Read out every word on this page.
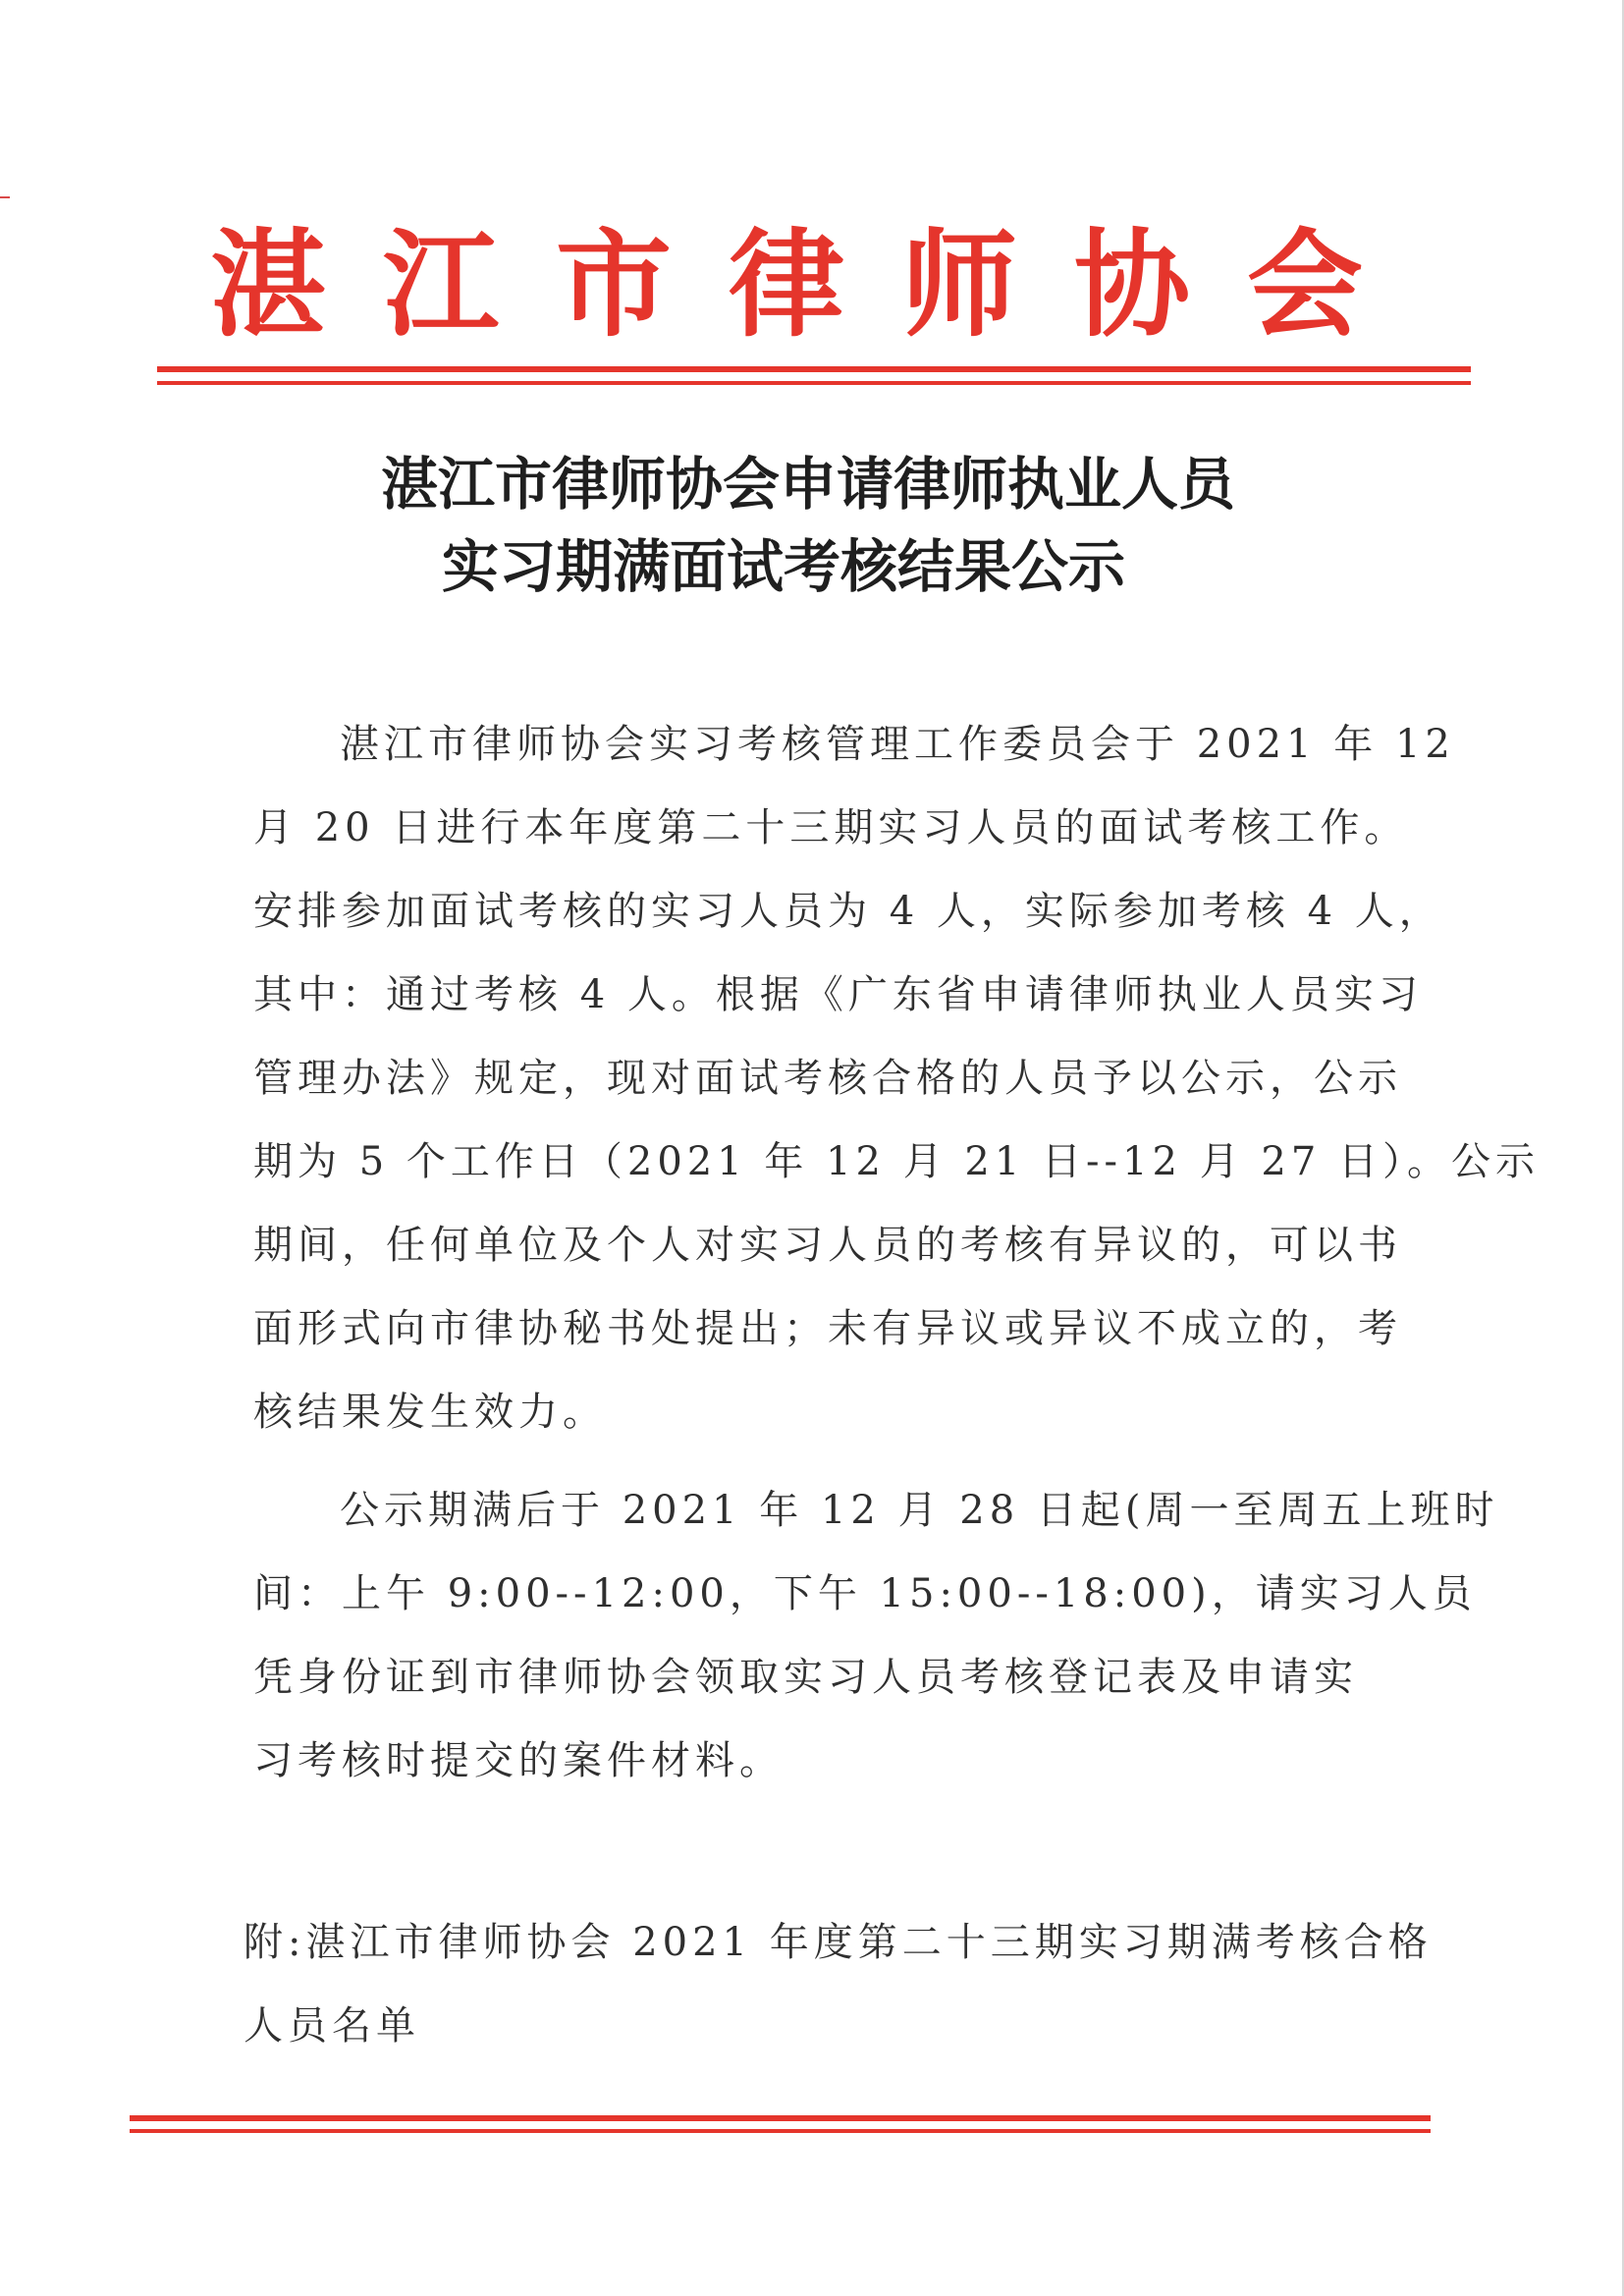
湛江市律师协会
湛江市律师协会申请律师执业人员
实习期满面试考核结果公示
湛江市律师协会实习考核管理工作委员会于 2021 年 12
月 20 日进行本年度第二十三期实习人员的面试考核工作。
安排参加面试考核的实习人员为 4 人，实际参加考核 4 人，
其中：通过考核 4 人。根据《广东省申请律师执业人员实习
管理办法》规定，现对面试考核合格的人员予以公示，公示
期为 5 个工作日（2021 年 12 月 21 日--12 月 27 日）。公示
期间，任何单位及个人对实习人员的考核有异议的，可以书
面形式向市律协秘书处提出；未有异议或异议不成立的，考
核结果发生效力。
公示期满后于 2021 年 12 月 28 日起(周一至周五上班时
间：上午 9:00--12:00，下午 15:00--18:00)，请实习人员
凭身份证到市律师协会领取实习人员考核登记表及申请实
习考核时提交的案件材料。
附:湛江市律师协会 2021 年度第二十三期实习期满考核合格
人员名单
